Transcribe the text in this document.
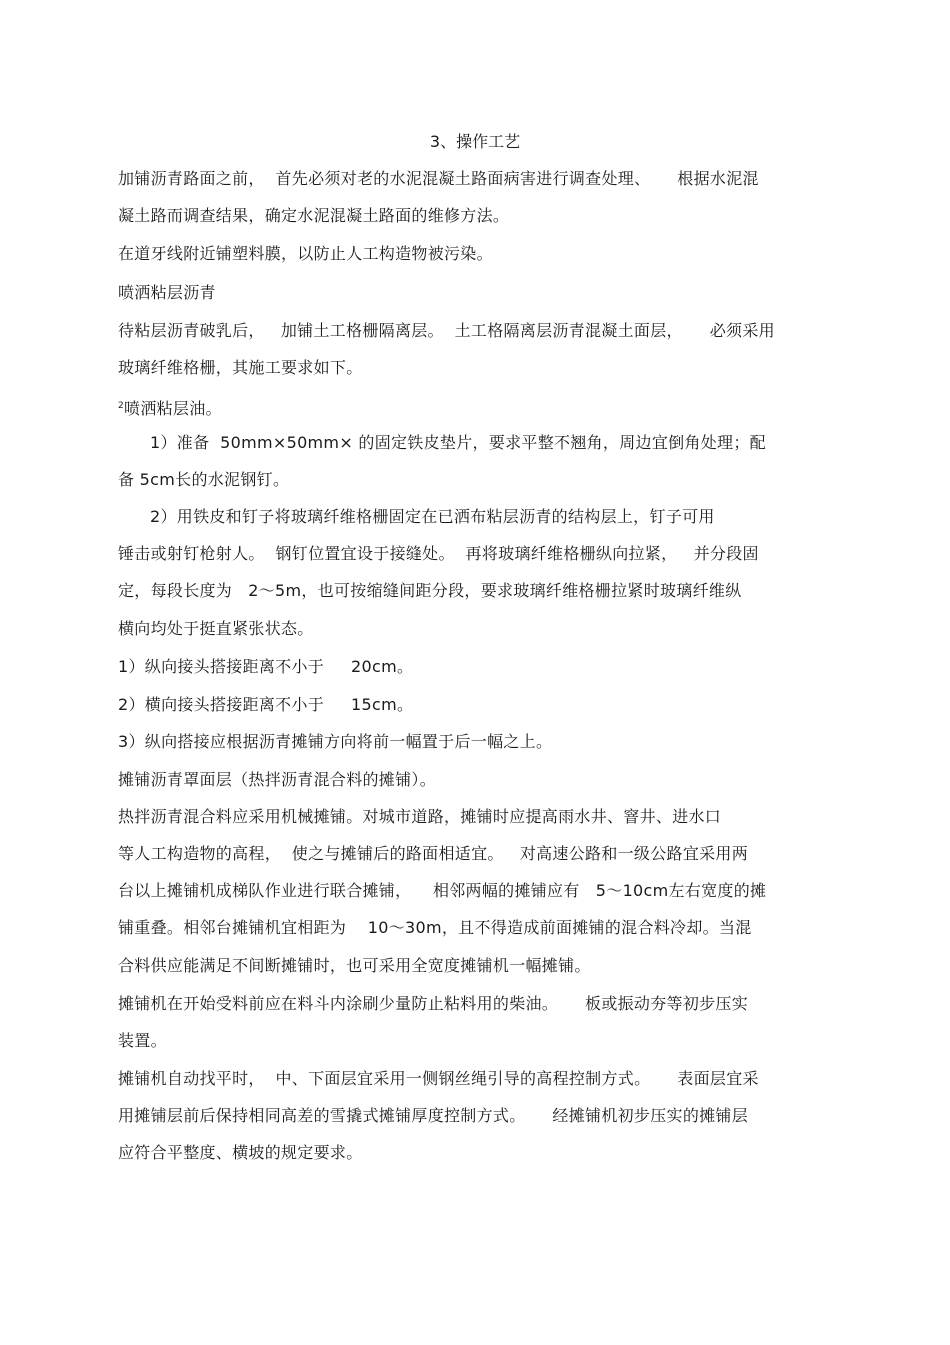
3、操作工艺
加铺沥青路面之前，  首先必须对老的水泥混凝土路面病害进行调查处理、     根据水泥混
凝土路而调查结果，确定水泥混凝土路面的维修方法。
在道牙线附近铺塑料膜，以防止人工构造物被污染。
喷洒粘层沥青
待粘层沥青破乳后，   加铺土工格栅隔离层。  土工格隔离层沥青混凝土面层，     必须采用
玻璃纤维格栅，其施工要求如下。
$^2$喷洒粘层油。
1）准备  50mm×50mm× 的固定铁皮垫片，要求平整不翘角，周边宜倒角处理；配
备 5cm长的水泥钢钉。
2）用铁皮和钉子将玻璃纤维格栅固定在已洒布粘层沥青的结构层上，钉子可用
锤击或射钉枪射人。  钢钉位置宜设于接缝处。  再将玻璃纤维格栅纵向拉紧，   并分段固
定，每段长度为   2～5m，也可按缩缝间距分段，要求玻璃纤维格栅拉紧时玻璃纤维纵
横向均处于挺直紧张状态。
1）纵向接头搭接距离不小于     20cm。
2）横向接头搭接距离不小于     15cm。
3）纵向搭接应根据沥青摊铺方向将前一幅置于后一幅之上。
摊铺沥青罩面层（热拌沥青混合料的摊铺）。
热拌沥青混合料应采用机械摊铺。对城市道路，摊铺时应提高雨水井、窨井、进水口
等人工构造物的高程，  使之与摊铺后的路面相适宜。   对高速公路和一级公路宜采用两
台以上摊铺机成梯队作业进行联合摊铺，    相邻两幅的摊铺应有   5～10cm左右宽度的摊
铺重叠。相邻台摊铺机宜相距为    10～30m，且不得造成前面摊铺的混合料冷却。当混
合料供应能满足不间断摊铺时，也可采用全宽度摊铺机一幅摊铺。
摊铺机在开始受料前应在料斗内涂刷少量防止粘料用的柴油。     板或振动夯等初步压实
装置。
摊铺机自动找平时，  中、下面层宜采用一侧钢丝绳引导的高程控制方式。     表面层宜采
用摊铺层前后保持相同高差的雪撬式摊铺厚度控制方式。     经摊铺机初步压实的摊铺层
应符合平整度、横坡的规定要求。
